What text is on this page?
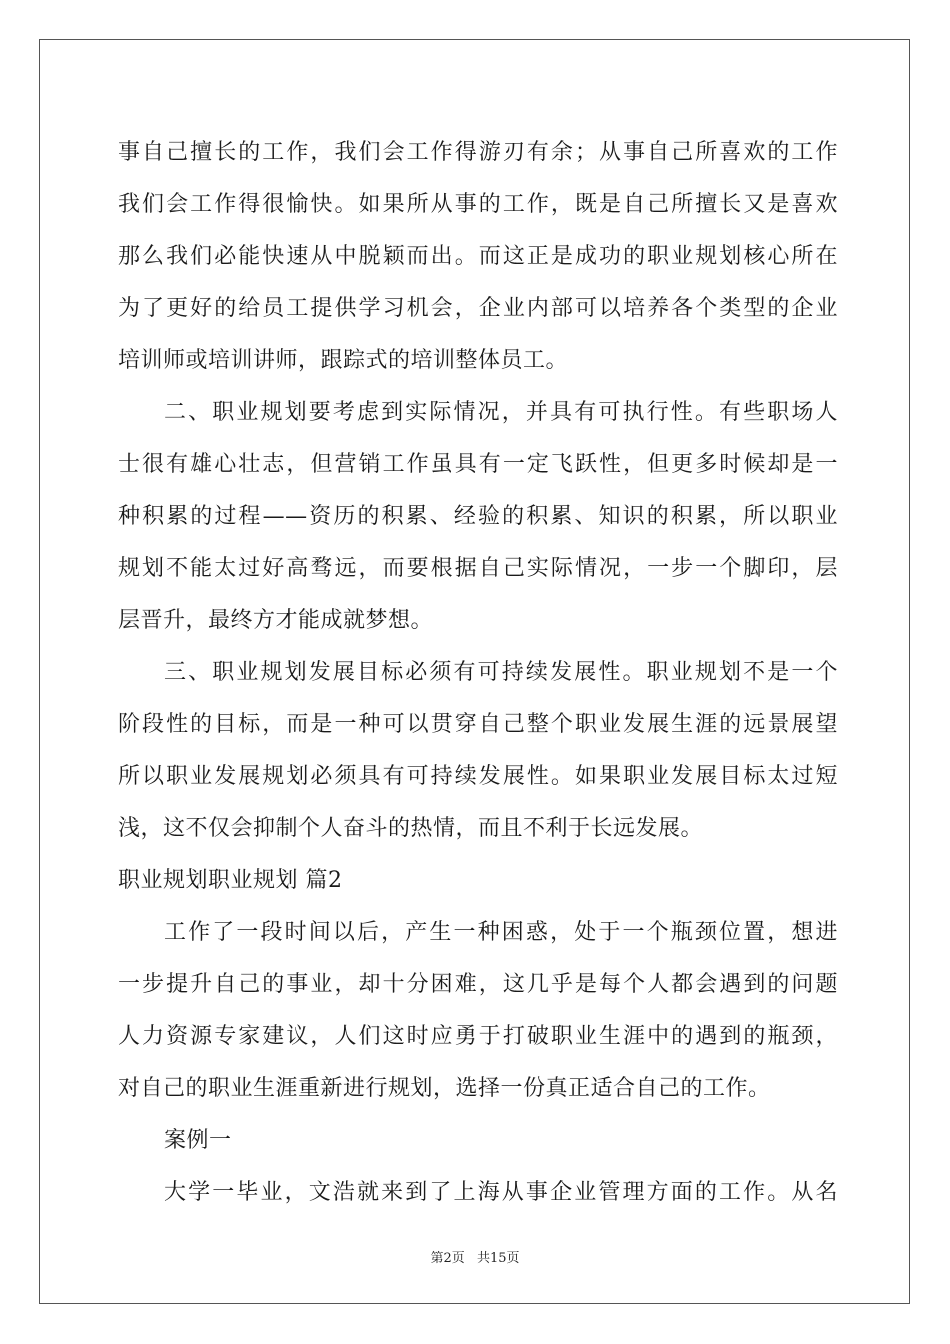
事自己擅长的工作，我们会工作得游刃有余；从事自己所喜欢的工作
我们会工作得很愉快。如果所从事的工作，既是自己所擅长又是喜欢
那么我们必能快速从中脱颖而出。而这正是成功的职业规划核心所在
为了更好的给员工提供学习机会，企业内部可以培养各个类型的企业
培训师或培训讲师，跟踪式的培训整体员工。
二、职业规划要考虑到实际情况，并具有可执行性。有些职场人
士很有雄心壮志，但营销工作虽具有一定飞跃性，但更多时候却是一
种积累的过程——资历的积累、经验的积累、知识的积累，所以职业
规划不能太过好高骛远，而要根据自己实际情况，一步一个脚印，层
层晋升，最终方才能成就梦想。
三、职业规划发展目标必须有可持续发展性。职业规划不是一个
阶段性的目标，而是一种可以贯穿自己整个职业发展生涯的远景展望
所以职业发展规划必须具有可持续发展性。如果职业发展目标太过短
浅，这不仅会抑制个人奋斗的热情，而且不利于长远发展。
职业规划职业规划 篇2
工作了一段时间以后，产生一种困惑，处于一个瓶颈位置，想进
一步提升自己的事业，却十分困难，这几乎是每个人都会遇到的问题
人力资源专家建议，人们这时应勇于打破职业生涯中的遇到的瓶颈，
对自己的职业生涯重新进行规划，选择一份真正适合自己的工作。
案例一
大学一毕业，文浩就来到了上海从事企业管理方面的工作。从名
第2页 共15页
